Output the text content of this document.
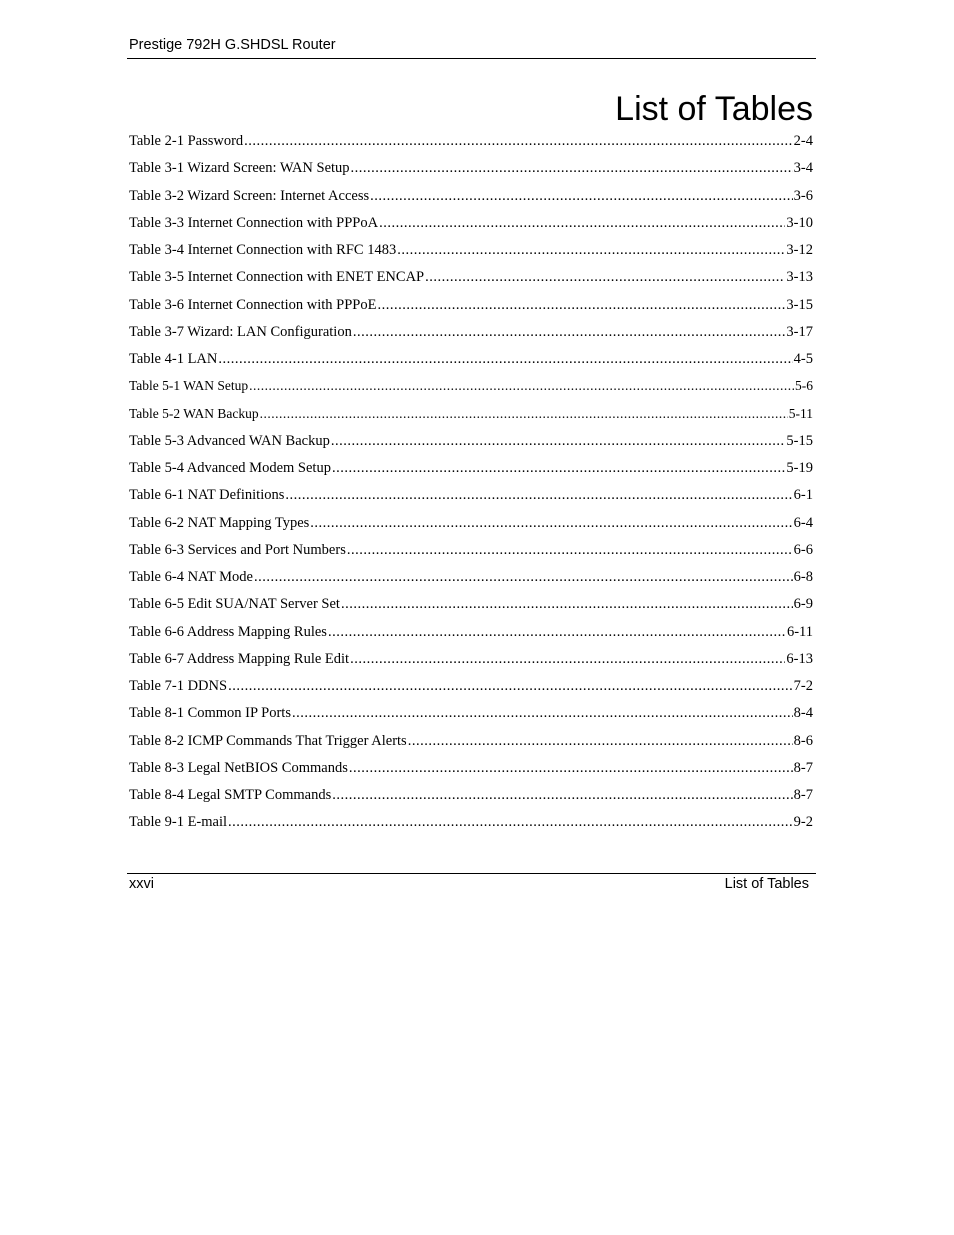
Prestige 792H G.SHDSL Router
List of Tables
Table 2-1 Password .....	2-4
Table 3-1 Wizard Screen: WAN Setup .....	3-4
Table 3-2 Wizard Screen: Internet Access .....	3-6
Table 3-3 Internet Connection with PPPoA .....	3-10
Table 3-4 Internet Connection with RFC 1483 .....	3-12
Table 3-5 Internet Connection with ENET ENCAP .....	3-13
Table 3-6 Internet Connection with PPPoE .....	3-15
Table 3-7 Wizard: LAN Configuration .....	3-17
Table 4-1 LAN .....	4-5
Table 5-1 WAN Setup .....	5-6
Table 5-2 WAN Backup .....	5-11
Table 5-3 Advanced WAN Backup .....	5-15
Table 5-4 Advanced Modem Setup .....	5-19
Table 6-1 NAT Definitions .....	6-1
Table 6-2 NAT Mapping Types .....	6-4
Table 6-3 Services and Port Numbers .....	6-6
Table 6-4 NAT Mode .....	6-8
Table 6-5 Edit SUA/NAT Server Set .....	6-9
Table 6-6 Address Mapping Rules .....	6-11
Table 6-7 Address Mapping Rule Edit .....	6-13
Table 7-1 DDNS .....	7-2
Table 8-1 Common IP Ports .....	8-4
Table 8-2 ICMP Commands That Trigger Alerts .....	8-6
Table 8-3 Legal NetBIOS Commands .....	8-7
Table 8-4 Legal SMTP Commands .....	8-7
Table 9-1 E-mail .....	9-2
xxvi	List of Tables
